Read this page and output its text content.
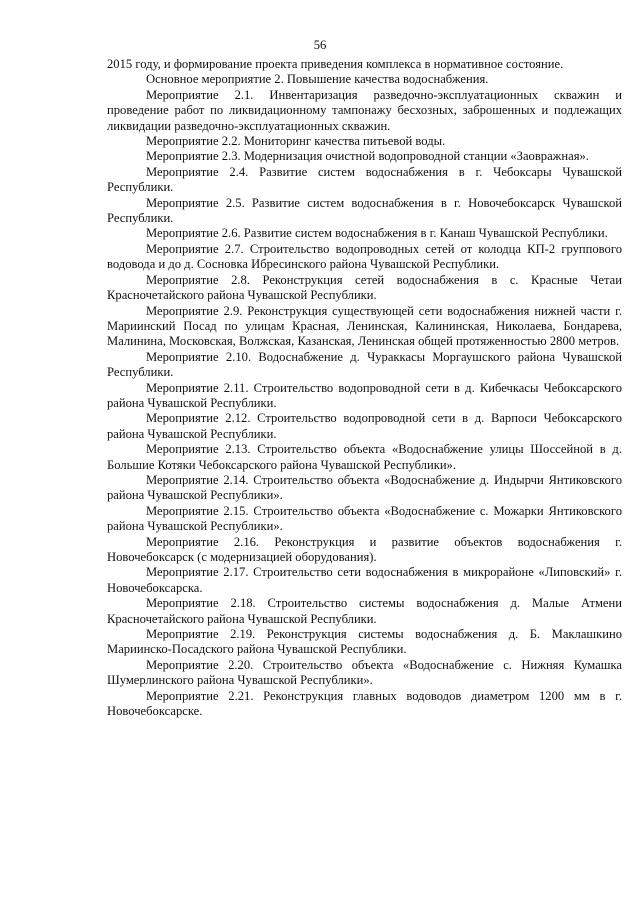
56

2015 году, и формирование проекта приведения комплекса в нормативное состояние.

Основное мероприятие 2. Повышение качества водоснабжения.

Мероприятие 2.1. Инвентаризация разведочно-эксплуатационных скважин и проведение работ по ликвидационному тампонажу бесхозных, заброшенных и подлежащих ликвидации разведочно-эксплуатационных скважин.

Мероприятие 2.2. Мониторинг качества питьевой воды.

Мероприятие 2.3. Модернизация очистной водопроводной станции «Заовражная».

Мероприятие 2.4. Развитие систем водоснабжения в г. Чебоксары Чувашской Республики.

Мероприятие 2.5. Развитие систем водоснабжения в г. Новочебоксарск Чувашской Республики.

Мероприятие 2.6. Развитие систем водоснабжения в г. Канаш Чувашской Республики.

Мероприятие 2.7. Строительство водопроводных сетей от колодца КП-2 группового водовода и до д. Сосновка Ибресинского района Чувашской Республики.

Мероприятие 2.8. Реконструкция сетей водоснабжения в с. Красные Четаи Красночетайского района Чувашской Республики.

Мероприятие 2.9. Реконструкция существующей сети водоснабжения нижней части г. Мариинский Посад по улицам Красная, Ленинская, Калининская, Николаева, Бондарева, Малинина, Московская, Волжская, Казанская, Ленинская общей протяженностью 2800 метров.

Мероприятие 2.10. Водоснабжение д. Чураккасы Моргаушского района Чувашской Республики.

Мероприятие 2.11. Строительство водопроводной сети в д. Кибечкасы Чебоксарского района Чувашской Республики.

Мероприятие 2.12. Строительство водопроводной сети в д. Варпоси Чебоксарского района Чувашской Республики.

Мероприятие 2.13. Строительство объекта «Водоснабжение улицы Шоссейной в д. Большие Котяки Чебоксарского района Чувашской Республики».

Мероприятие 2.14. Строительство объекта «Водоснабжение д. Индырчи Янтиковского района Чувашской Республики».

Мероприятие 2.15. Строительство объекта «Водоснабжение с. Можарки Янтиковского района Чувашской Республики».

Мероприятие 2.16. Реконструкция и развитие объектов водоснабжения г. Новочебоксарск (с модернизацией оборудования).

Мероприятие 2.17. Строительство сети водоснабжения в микрорайоне «Липовский» г. Новочебоксарска.

Мероприятие 2.18. Строительство системы водоснабжения д. Малые Атмени Красночетайского района Чувашской Республики.

Мероприятие 2.19. Реконструкция системы водоснабжения д. Б. Маклашкино Мариинско-Посадского района Чувашской Республики.

Мероприятие 2.20. Строительство объекта «Водоснабжение с. Нижняя Кумашка Шумерлинского района Чувашской Республики».

Мероприятие 2.21. Реконструкция главных водоводов диаметром 1200 мм в г. Новочебоксарске.
